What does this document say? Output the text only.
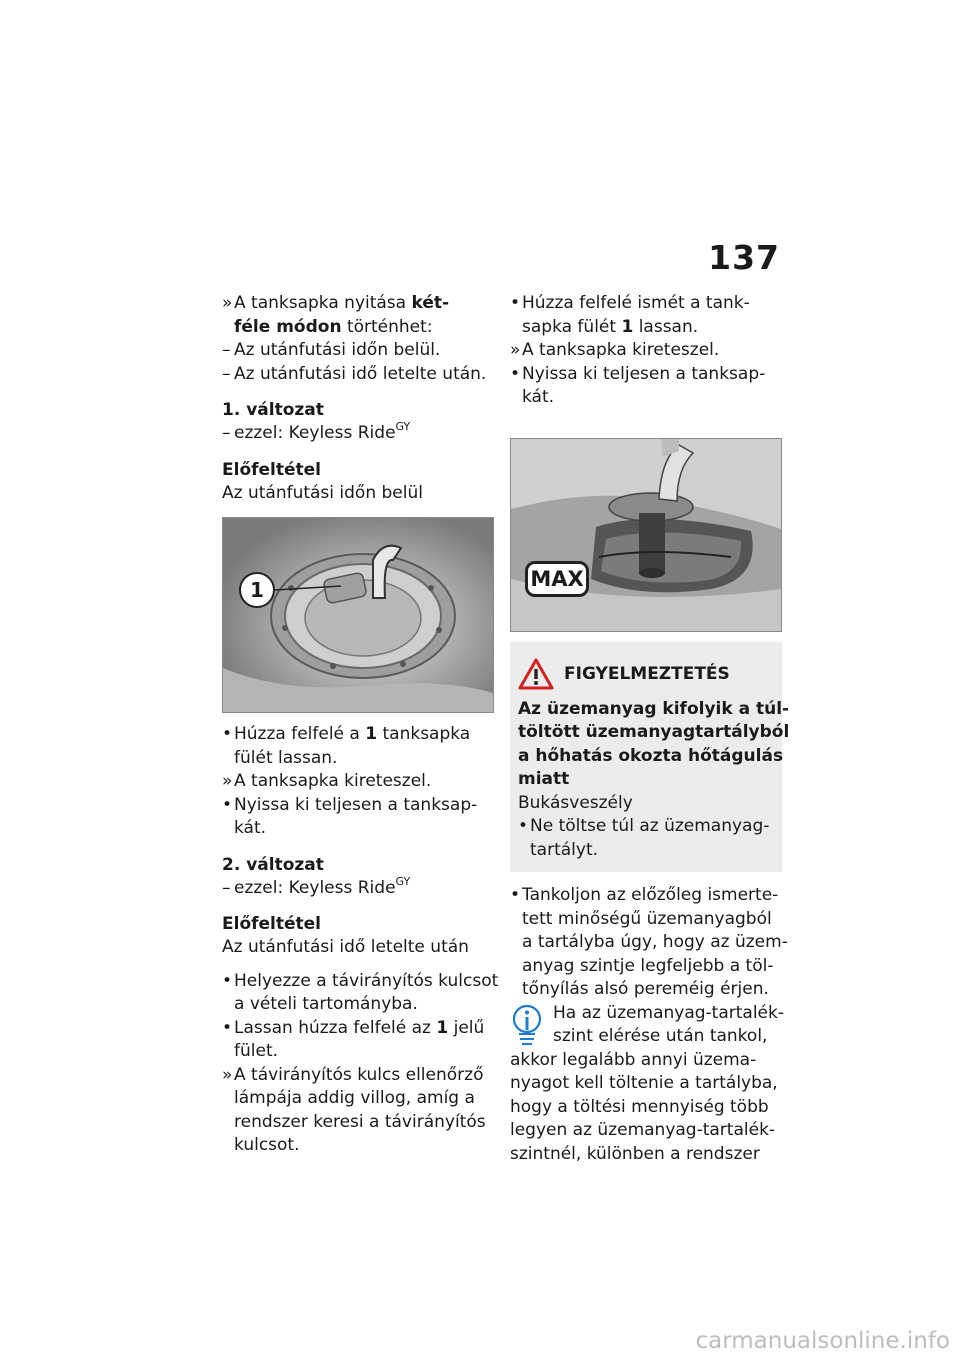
137

»A tanksapka nyitása két-

féle módon történhet:

– Az utánfutási időn belül.

– Az utánfutási idő letelte után.

1. változat

– ezzel: Keyless Ride$^{GY}$

Előfeltétel

Az utánfutási időn belül

1

• Húzza felfelé a 1 tanksapka

fülét lassan.

»A tanksapka kireteszel.

• Nyissa ki teljesen a tanksap-

kát.

2. változat

– ezzel: Keyless Ride$^{GY}$

Előfeltétel

Az utánfutási idő letelte után

• Helyezze a távirányítós kulcsot

a vételi tartományba.

• Lassan húzza felfelé az 1 jelű

fület.

»A távirányítós kulcs ellenőrző

lámpája addig villog, amíg a

rendszer keresi a távirányítós

kulcsot.

• Húzza felfelé ismét a tank-

sapka fülét 1 lassan.

»A tanksapka kireteszel.

• Nyissa ki teljesen a tanksap-

kát.

MAX
FIGYELMEZTETÉS

Az üzemanyag kifolyik a túl-

töltött üzemanyagtartályból

a hőhatás okozta hőtágulás

miatt

Bukásveszély

• Ne töltse túl az üzemanyag-

tartályt.

• Tankoljon az előzőleg ismerte-

tett minőségű üzemanyagból

a tartályba úgy, hogy az üzem-

anyag szintje legfeljebb a töl-

tőnyílás alsó pereméig érjen.

Ha az üzemanyag-tartalék-

szint elérése után tankol,

akkor legalább annyi üzema-

nyagot kell töltenie a tartályba,

hogy a töltési mennyiség több

legyen az üzemanyag-tartalék-

szintnél, különben a rendszer

carmanualsonline.info
